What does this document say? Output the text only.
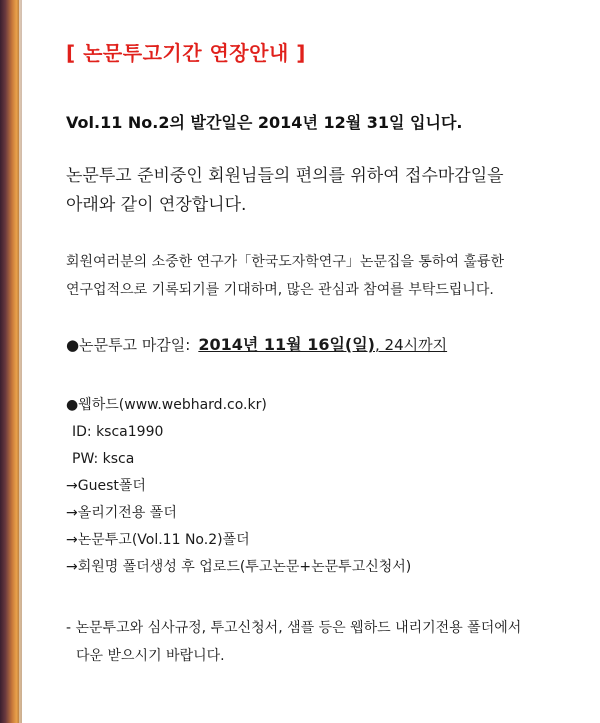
[ 논문투고기간 연장안내 ]
Vol.11 No.2의 발간일은 2014년 12월 31일 입니다.
논문투고 준비중인 회원님들의 편의를 위하여 접수마감일을
아래와 같이 연장합니다.
회원여러분의 소중한 연구가「한국도자학연구」논문집을 통하여 훌륭한
연구업적으로 기록되기를 기대하며, 많은 관심과 참여를 부탁드립니다.
●논문투고 마감일: 2014년 11월 16일(일), 24시까지
●웹하드(www.webhard.co.kr)
ID: ksca1990
PW: ksca
→Guest폴더
→올리기전용 폴더
→논문투고(Vol.11 No.2)폴더
→회원명 폴더생성 후 업로드(투고논문+논문투고신청서)
- 논문투고와 심사규정, 투고신청서, 샘플 등은 웹하드 내리기전용 폴더에서
다운 받으시기 바랍니다.
